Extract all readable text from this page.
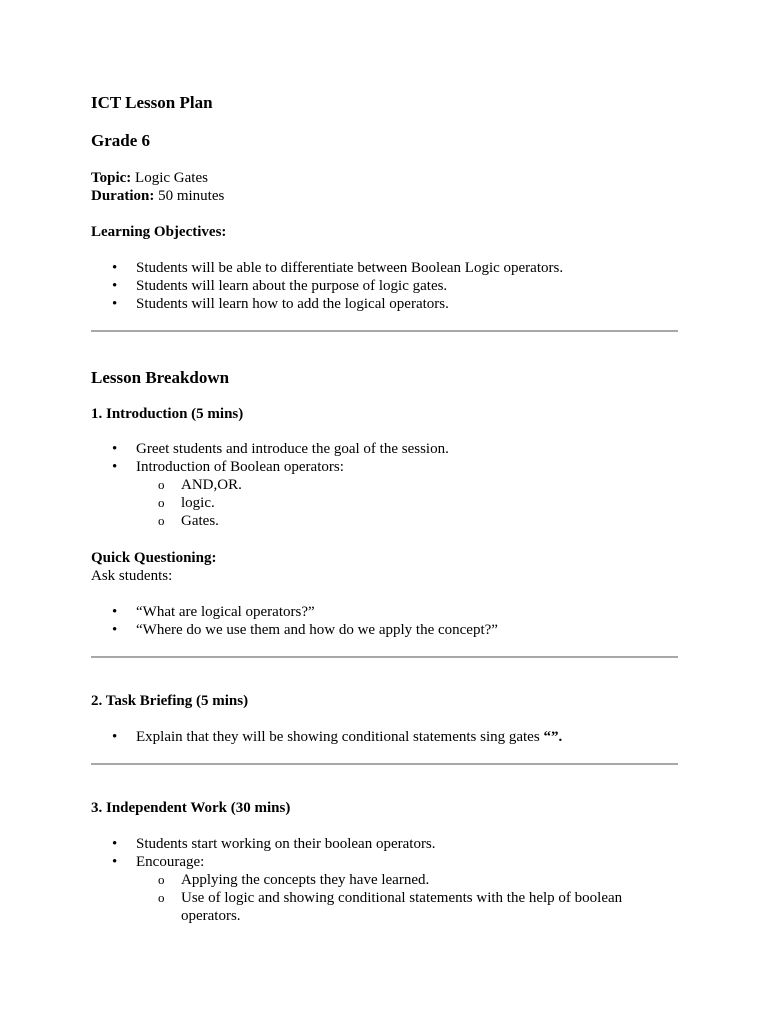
ICT Lesson Plan
Grade 6
Topic: Logic Gates
Duration: 50 minutes
Learning Objectives:
• Students will be able to differentiate between Boolean Logic operators.
• Students will learn about the purpose of logic gates.
• Students will learn how to add the logical operators.
Lesson Breakdown
1. Introduction (5 mins)
• Greet students and introduce the goal of the session.
• Introduction of Boolean operators:
o AND,OR.
o logic.
o Gates.
Quick Questioning:
Ask students:
• “What are logical operators?”
• “Where do we use them and how do we apply the concept?”
2. Task Briefing (5 mins)
• Explain that they will be showing conditional statements sing gates “”.
3. Independent Work (30 mins)
• Students start working on their boolean operators.
• Encourage:
o Applying the concepts they have learned.
o Use of logic and showing conditional statements with the help of boolean
operators.
